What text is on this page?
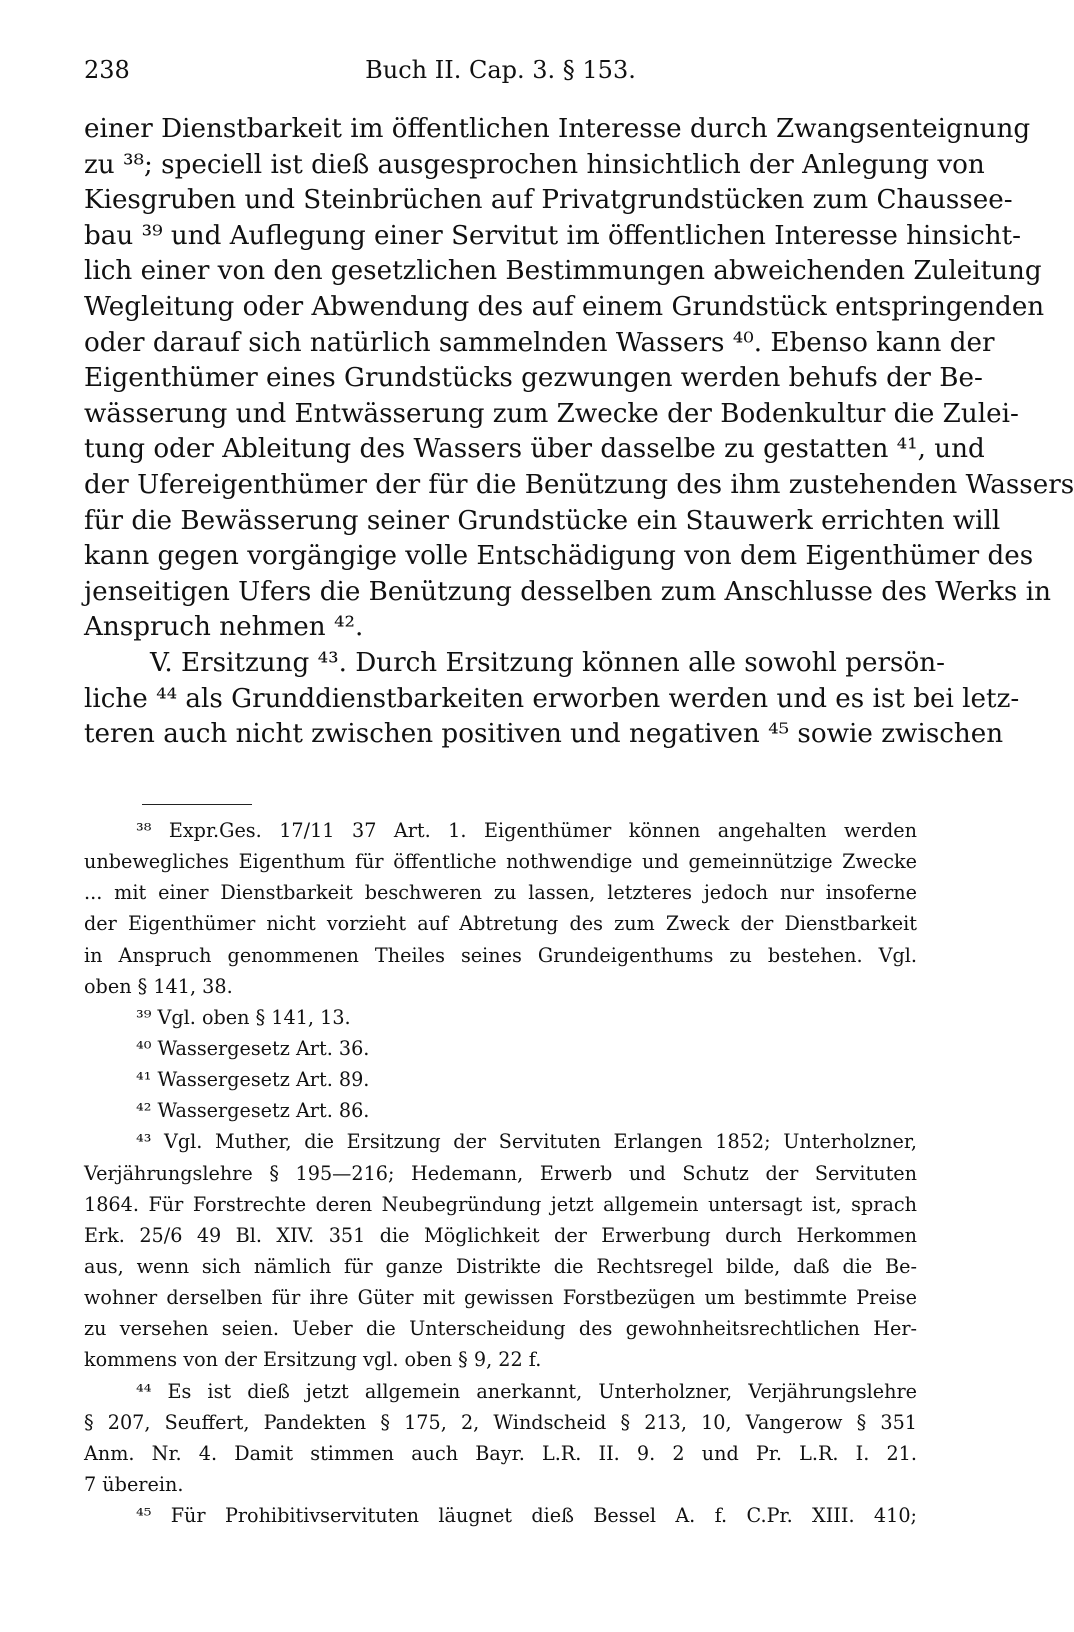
238	Buch II. Cap. 3. § 153.
einer Dienstbarkeit im öffentlichen Interesse durch Zwangsenteignung
zu ³⁸; speciell ist dieß ausgesprochen hinsichtlich der Anlegung von
Kiesgruben und Steinbrüchen auf Privatgrundstücken zum Chaussee-
bau ³⁹ und Auflegung einer Servitut im öffentlichen Interesse hinsicht-
lich einer von den gesetzlichen Bestimmungen abweichenden Zuleitung
Wegleitung oder Abwendung des auf einem Grundstück entspringenden
oder darauf sich natürlich sammelnden Wassers ⁴⁰. Ebenso kann der
Eigenthümer eines Grundstücks gezwungen werden behufs der Be-
wässerung und Entwässerung zum Zwecke der Bodenkultur die Zulei-
tung oder Ableitung des Wassers über dasselbe zu gestatten ⁴¹, und
der Ufereigenthümer der für die Benützung des ihm zustehenden Wassers
für die Bewässerung seiner Grundstücke ein Stauwerk errichten will
kann gegen vorgängige volle Entschädigung von dem Eigenthümer des
jenseitigen Ufers die Benützung desselben zum Anschlusse des Werks in
Anspruch nehmen ⁴².
V. Ersitzung ⁴³. Durch Ersitzung können alle sowohl persön-
liche ⁴⁴ als Grunddienstbarkeiten erworben werden und es ist bei letz-
teren auch nicht zwischen positiven und negativen ⁴⁵ sowie zwischen
³⁸ Expr.Ges. 17/11 37 Art. 1. Eigenthümer können angehalten werden
unbewegliches Eigenthum für öffentliche nothwendige und gemeinnützige Zwecke
... mit einer Dienstbarkeit beschweren zu lassen, letzteres jedoch nur insoferne
der Eigenthümer nicht vorzieht auf Abtretung des zum Zweck der Dienstbarkeit
in Anspruch genommenen Theiles seines Grundeigenthums zu bestehen. Vgl.
oben § 141, 38.
³⁹ Vgl. oben § 141, 13.
⁴⁰ Wassergesetz Art. 36.
⁴¹ Wassergesetz Art. 89.
⁴² Wassergesetz Art. 86.
⁴³ Vgl. Muther, die Ersitzung der Servituten Erlangen 1852; Unterholzner,
Verjährungslehre § 195—216; Hedemann, Erwerb und Schutz der Servituten
1864. Für Forstrechte deren Neubegründung jetzt allgemein untersagt ist, sprach
Erk. 25/6 49 Bl. XIV. 351 die Möglichkeit der Erwerbung durch Herkommen
aus, wenn sich nämlich für ganze Distrikte die Rechtsregel bilde, daß die Be-
wohner derselben für ihre Güter mit gewissen Forstbezügen um bestimmte Preise
zu versehen seien. Ueber die Unterscheidung des gewohnheitsrechtlichen Her-
kommens von der Ersitzung vgl. oben § 9, 22 f.
⁴⁴ Es ist dieß jetzt allgemein anerkannt, Unterholzner, Verjährungslehre
§ 207, Seuffert, Pandekten § 175, 2, Windscheid § 213, 10, Vangerow § 351
Anm. Nr. 4. Damit stimmen auch Bayr. L.R. II. 9. 2 und Pr. L.R. I. 21.
7 überein.
⁴⁵ Für Prohibitivservituten läugnet dieß Bessel A. f. C.Pr. XIII. 410;
